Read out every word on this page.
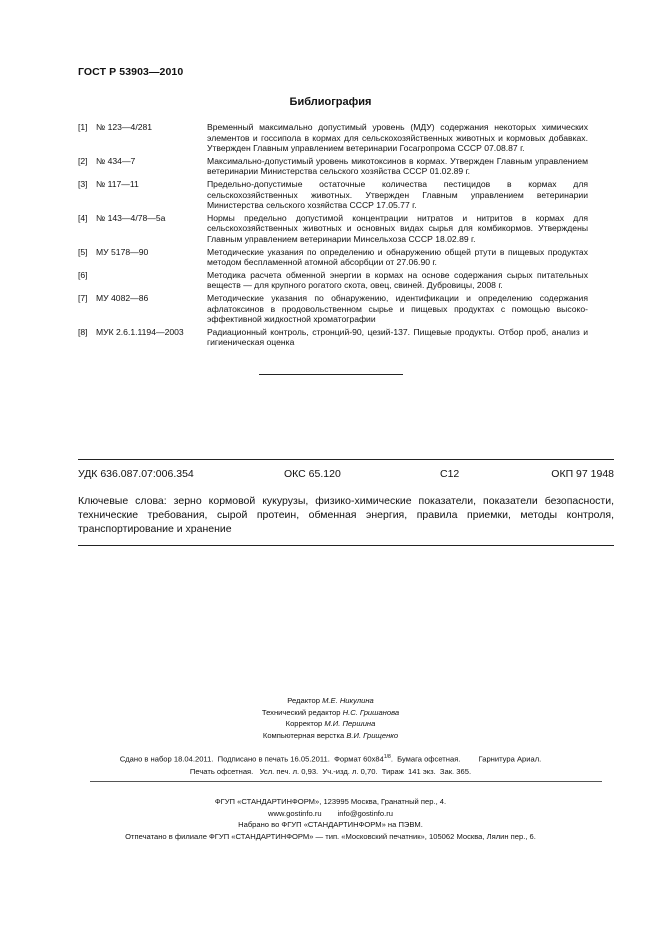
ГОСТ Р 53903—2010
Библиография
[1] № 123—4/281	Временный максимально допустимый уровень (МДУ) содержания некоторых химических элементов и госсипола в кормах для сельскохозяйственных животных и кормовых добавках. Утвержден Главным управлением ветеринарии Госагропрома СССР 07.08.87 г.
[2] № 434—7	Максимально-допустимый уровень микотоксинов в кормах. Утвержден Главным управлением ветеринарии Министерства сельского хозяйства СССР 01.02.89 г.
[3] № 117—11	Предельно-допустимые остаточные количества пестицидов в кормах для сельскохозяйственных животных. Утвержден Главным управлением ветеринарии Министерства сельского хозяйства СССР 17.05.77 г.
[4] № 143—4/78—5а	Нормы предельно допустимой концентрации нитратов и нитритов в кормах для сельскохозяйственных животных и основных видах сырья для комбикормов. Утверждены Главным управлением ветеринарии Минсельхоза СССР 18.02.89 г.
[5] МУ 5178—90	Методические указания по определению и обнаружению общей ртути в пищевых продуктах методом беспламенной атомной абсорбции от 27.06.90 г.
[6]	Методика расчета обменной энергии в кормах на основе содержания сырых питательных веществ — для крупного рогатого скота, овец, свиней. Дубровицы, 2008 г.
[7] МУ 4082—86	Методические указания по обнаружению, идентификации и определению содержания афлатоксинов в продовольственном сырье и пищевых продуктах с помощью высоко-эффективной жидкостной хроматографии
[8] МУК 2.6.1.1194—2003	Радиационный контроль, стронций-90, цезий-137. Пищевые продукты. Отбор проб, анализ и гигиеническая оценка
УДК 636.087.07:006.354	ОКС 65.120	С12	ОКП 97 1948
Ключевые слова: зерно кормовой кукурузы, физико-химические показатели, показатели безопасности, технические требования, сырой протеин, обменная энергия, правила приемки, методы контроля, транспортирование и хранение
Редактор М.Е. Никулина
Технический редактор Н.С. Гришанова
Корректор М.И. Першина
Компьютерная верстка В.И. Грищенко
Сдано в набор 18.04.2011. Подписано в печать 16.05.2011. Формат $60x84^{1/8}$.  Бумага офсетная. Гарнитура Ариал.
Печать офсетная.   Усл. печ. л. 0,93.  Уч.-изд. л. 0,70.  Тираж  141 экз.  Зак. 365.
ФГУП «СТАНДАРТИНФОРМ», 123995 Москва, Гранатный пер., 4.
www.gostinfo.ru info@gostinfo.ru
Набрано во ФГУП «СТАНДАРТИНФОРМ» на ПЭВМ.
Отпечатано в филиале ФГУП «СТАНДАРТИНФОРМ» — тип. «Московский печатник», 105062 Москва, Лялин пер., 6.
